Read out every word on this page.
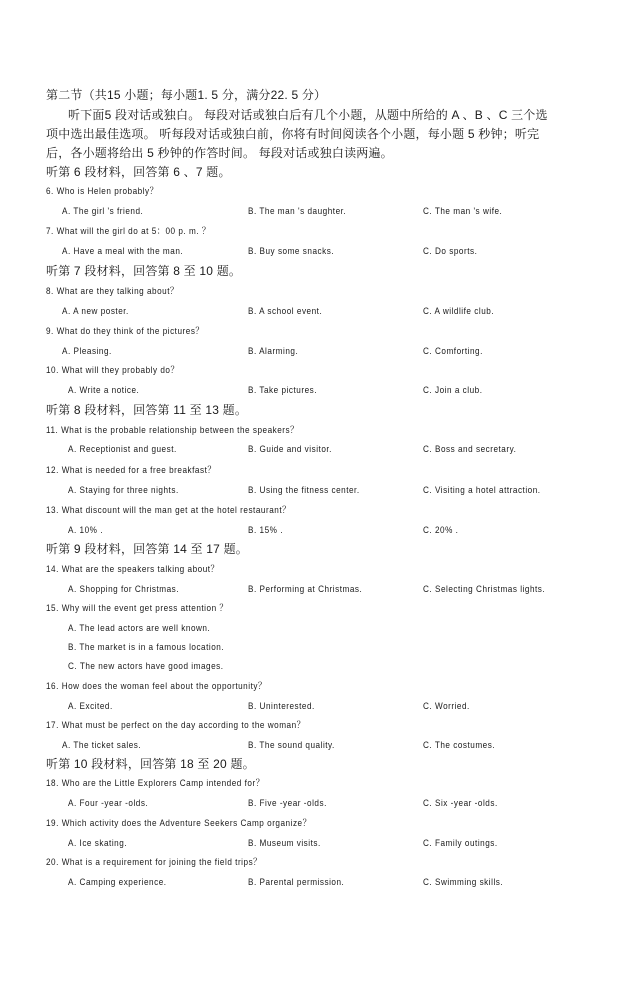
第二节（共15 小题；每小题1. 5 分，满分22. 5 分）
听下面5 段对话或独白。 每段对话或独白后有几个小题，从题中所给的 A 、B 、C 三个选
项中选出最佳选项。 听每段对话或独白前，你将有时间阅读各个小题，每小题 5 秒钟；听完
后，各小题将给出 5 秒钟的作答时间。 每段对话或独白读两遍。
听第 6 段材料，回答第 6 、7 题。
6. Who is Helen probably？
A. The girl 's friend.	B. The man 's daughter.	C. The man 's wife.
7. What will the girl do at 5：00 p. m. ？
A. Have a meal with the man.	B. Buy some snacks.	C. Do sports.
听第 7 段材料，回答第 8 至 10 题。
8. What are they talking about？
A. A new poster.	B. A school event.	C. A wildlife club.
9. What do they think of the pictures？
A. Pleasing.	B. Alarming.	C. Comforting.
10. What will they probably do？
A. Write a notice.	B. Take pictures.	C. Join a club.
听第 8 段材料，回答第 11 至 13 题。
11. What is the probable relationship between the speakers？
A. Receptionist and guest.	B. Guide and visitor.	C. Boss and secretary.
12. What is needed for a free breakfast？
A. Staying for three nights.	B. Using the fitness center.	C. Visiting a hotel attraction.
13. What discount will the man get at the hotel restaurant？
A. 10% .	B. 15% .	C. 20% .
听第 9 段材料，回答第 14 至 17 题。
14. What are the speakers talking about？
A. Shopping for Christmas.	B. Performing at Christmas.	C. Selecting Christmas lights.
15. Why will the event get press attention ？
A. The lead actors are well known.
B. The market is in a famous location.
C. The new actors have good images.
16. How does the woman feel about the opportunity？
A. Excited.	B. Uninterested.	C. Worried.
17. What must be perfect on the day according to the woman？
A. The ticket sales.	B. The sound quality.	C. The costumes.
听第 10 段材料，回答第 18 至 20 题。
18. Who are the Little Explorers Camp intended for？
A. Four -year -olds.	B. Five -year -olds.	C. Six -year -olds.
19. Which activity does the Adventure Seekers Camp organize？
A. Ice skating.	B. Museum visits.	C. Family outings.
20. What is a requirement for joining the field trips？
A. Camping experience.	B. Parental permission.	C. Swimming skills.
